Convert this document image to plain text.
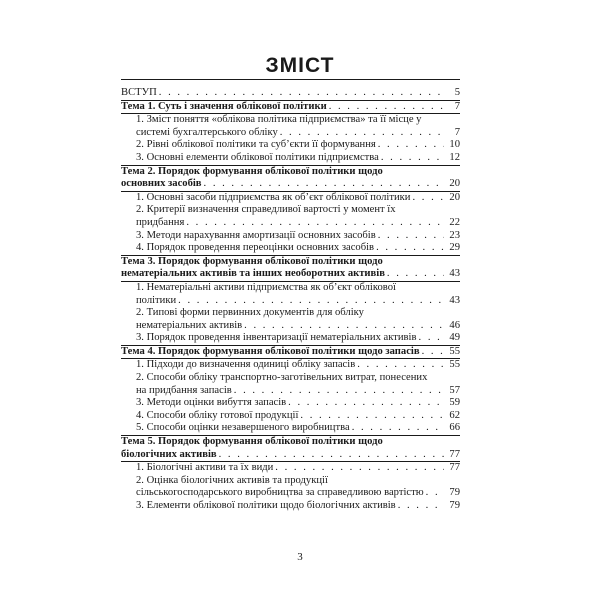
ЗМІСТ
ВСТУП . . .	5
Тема 1. Суть і значення облікової політики . . .	7
1. Зміст поняття «облікова політика підприємства» та її місце у
системі бухгалтерського обліку . . .	7
2. Рівні облікової політики та суб’єкти її формування . . .	10
3. Основні елементи облікової політики підприємства . . .	12
Тема 2. Порядок формування облікової політики щодо
основних засобів . . .	20
1. Основні засоби підприємства як об’єкт облікової політики . . .	20
2. Критерії визначення справедливої вартості у момент їх
придбання . . .	22
3. Методи нарахування амортизації основних засобів . . .	23
4. Порядок проведення переоцінки основних засобів . . .	29
Тема 3. Порядок формування облікової політики щодо
нематеріальних активів та інших необоротних активів . . .	43
1. Нематеріальні активи підприємства як об’єкт облікової
політики . . .	43
2. Типові форми первинних документів для обліку
нематеріальних активів . . .	46
3. Порядок проведення інвентаризації нематеріальних активів . . .	49
Тема 4. Порядок формування облікової політики щодо запасів . . .	55
1. Підходи до визначення одиниці обліку запасів . . .	55
2. Способи обліку транспортно-заготівельних витрат, понесених
на придбання запасів . . .	57
3. Методи оцінки вибуття запасів . . .	59
4. Способи обліку готової продукції . . .	62
5. Способи оцінки незавершеного виробництва . . .	66
Тема 5. Порядок формування облікової політики щодо
біологічних активів . . .	77
1. Біологічні активи та їх види . . .	77
2. Оцінка біологічних активів та продукції
сільськогосподарського виробництва за справедливою вартістю . . .	79
3. Елементи облікової політики щодо біологічних активів . . .	79
3
